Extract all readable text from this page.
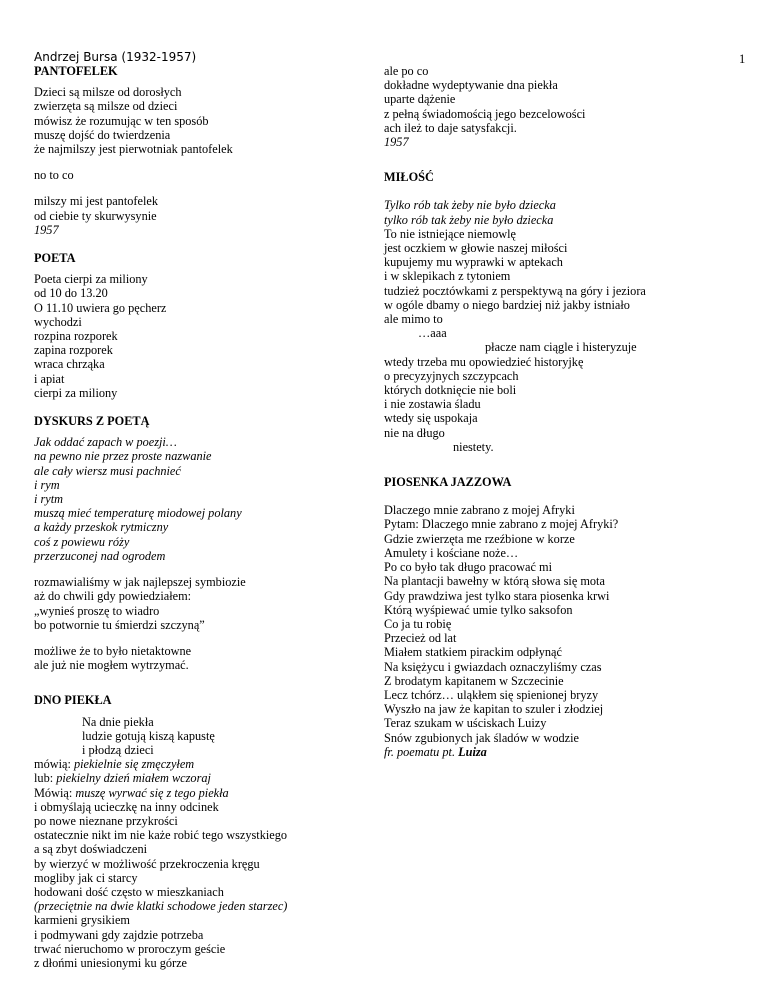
1
Andrzej Bursa (1932-1957)
PANTOFELEK
Dzieci są milsze od dorosłych
zwierzęta są milsze od dzieci
mówisz że rozumując w ten sposób
muszę dojść do twierdzenia
że najmilszy jest pierwotniak pantofelek
no to co
milszy mi jest pantofelek
od ciebie ty skurwysynie
1957
POETA
Poeta cierpi za miliony
od 10 do 13.20
O 11.10 uwiera go pęcherz
wychodzi
rozpina rozporek
zapina rozporek
wraca chrząka
i apiat
cierpi za miliony
DYSKURS Z POETĄ
Jak oddać zapach w poezji…
na pewno nie przez proste nazwanie
ale cały wiersz musi pachnieć
i rym
i rytm
muszą mieć temperaturę miodowej polany
a każdy przeskok rytmiczny
coś z powiewu róży
przerzuconej nad ogrodem
rozmawialiśmy w jak najlepszej symbiozie
aż do chwili gdy powiedziałem:
„wynieś proszę to wiadro
bo potwornie tu śmierdzi szczyną”
możliwe że to było nietaktowne
ale już nie mogłem wytrzymać.
DNO PIEKŁA
Na dnie piekła
ludzie gotują kiszą kapustę
i płodzą dzieci
mówią: piekielnie się zmęczyłem
lub: piekielny dzień miałem wczoraj
Mówią: muszę wyrwać się z tego piekła
i obmyślają ucieczkę na inny odcinek
po nowe nieznane przykrości
ostatecznie nikt im nie każe robić tego wszystkiego
a są zbyt doświadczeni
by wierzyć w możliwość przekroczenia kręgu
mogliby jak ci starcy
hodowani dość często w mieszkaniach
(przeciętnie na dwie klatki schodowe jeden starzec)
karmieni grysikiem
i podmywani gdy zajdzie potrzeba
trwać nieruchomo w proroczym geście
z dłońmi uniesionymi ku górze
ale po co
dokładne wydeptywanie dna piekła
uparte dążenie
z pełną świadomością jego bezcelowości
ach ileż to daje satysfakcji.
1957
MIŁOŚĆ
Tylko rób tak żeby nie było dziecka
tylko rób tak żeby nie było dziecka
To nie istniejące niemowlę
jest oczkiem w głowie naszej miłości
kupujemy mu wyprawki w aptekach
i w sklepikach z tytoniem
tudzież pocztówkami z perspektywą na góry i jeziora
w ogóle dbamy o niego bardziej niż jakby istniało
ale mimo to
…aaa
płacze nam ciągle i histeryzuje
wtedy trzeba mu opowiedzieć historyjkę
o precyzyjnych szczypcach
których dotknięcie nie boli
i nie zostawia śladu
wtedy się uspokaja
nie na długo
niestety.
PIOSENKA JAZZOWA
Dlaczego mnie zabrano z mojej Afryki
Pytam: Dlaczego mnie zabrano z mojej Afryki?
Gdzie zwierzęta me rzeźbione w korze
Amulety i kościane noże…
Po co było tak długo pracować mi
Na plantacji bawełny w którą słowa się mota
Gdy prawdziwa jest tylko stara piosenka krwi
Którą wyśpiewać umie tylko saksofon
Co ja tu robię
Przecież od lat
Miałem statkiem pirackim odpłynąć
Na księżycu i gwiazdach oznaczyliśmy czas
Z brodatym kapitanem w Szczecinie
Lecz tchórz… uląkłem się spienionej bryzy
Wyszło na jaw że kapitan to szuler i złodziej
Teraz szukam w uściskach Luizy
Snów zgubionych jak śladów w wodzie
fr. poematu pt. Luiza
